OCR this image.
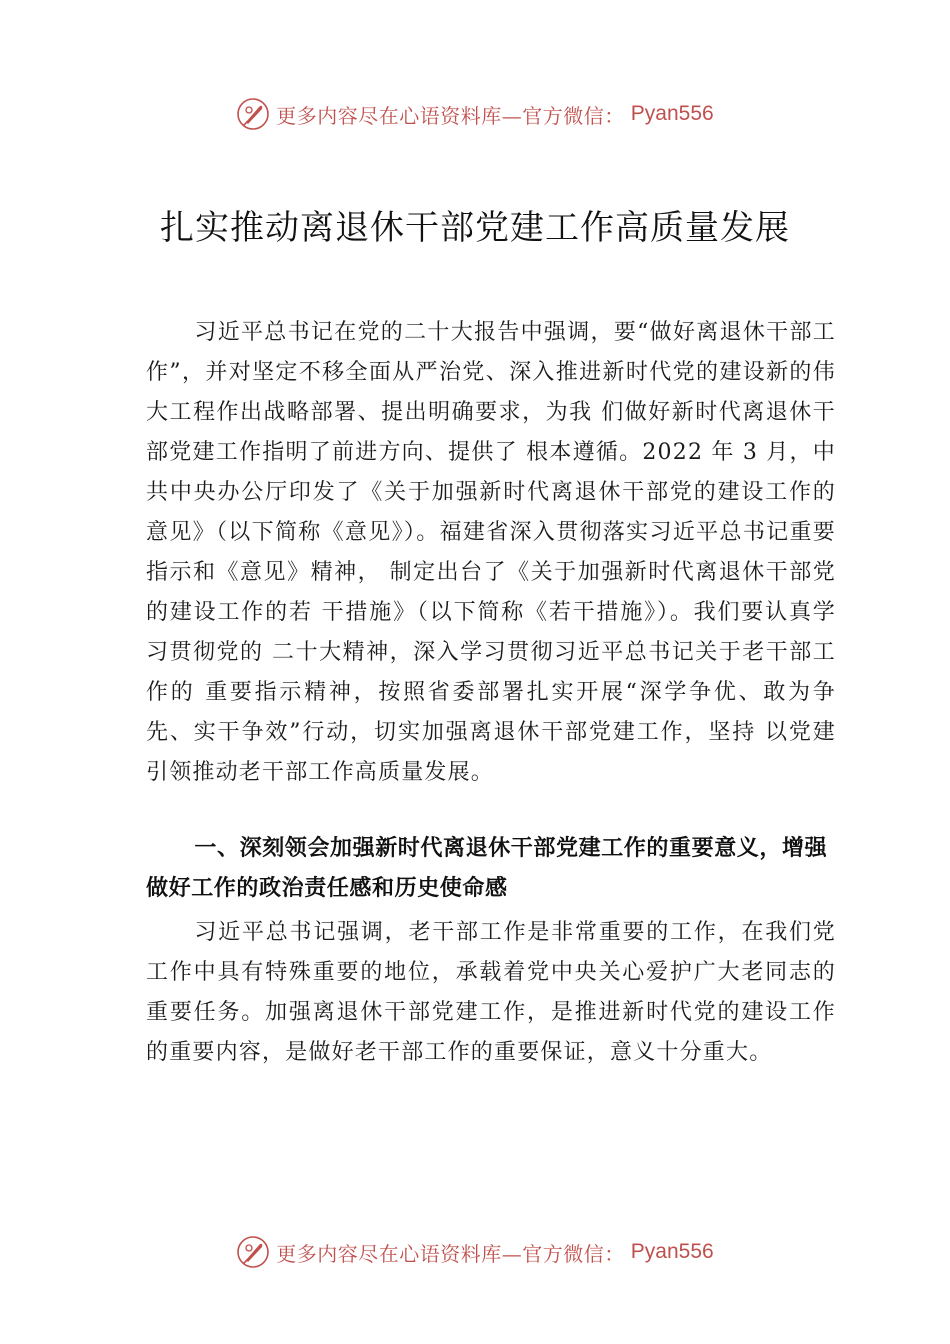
更多内容尽在心语资料库—官方微信： Pyan556
扎实推动离退休干部党建工作高质量发展

习近平总书记在党的二十大报告中强调，要“做好离退休干部工作”，并对坚定不移全面从严治党、深入推进新时代党的建设新的伟大工程作出战略部署、提出明确要求，为我 们做好新时代离退休干部党建工作指明了前进方向、提供了 根本遵循。2022 年 3 月，中共中央办公厅印发了《关于加强新时代离退休干部党的建设工作的意见》（以下简称《意见》）。福建省深入贯彻落实习近平总书记重要指示和《意见》精神， 制定出台了《关于加强新时代离退休干部党的建设工作的若 干措施》（以下简称《若干措施》）。我们要认真学习贯彻党的 二十大精神，深入学习贯彻习近平总书记关于老干部工作的 重要指示精神，按照省委部署扎实开展“深学争优、敢为争 先、实干争效”行动，切实加强离退休干部党建工作，坚持 以党建引领推动老干部工作高质量发展。

一、深刻领会加强新时代离退休干部党建工作的重要意义，增强做好工作的政治责任感和历史使命感

习近平总书记强调，老干部工作是非常重要的工作，在我们党工作中具有特殊重要的地位，承载着党中央关心爱护广大老同志的重要任务。加强离退休干部党建工作，是推进新时代党的建设工作的重要内容，是做好老干部工作的重要保证，意义十分重大。

更多内容尽在心语资料库—官方微信： Pyan556
